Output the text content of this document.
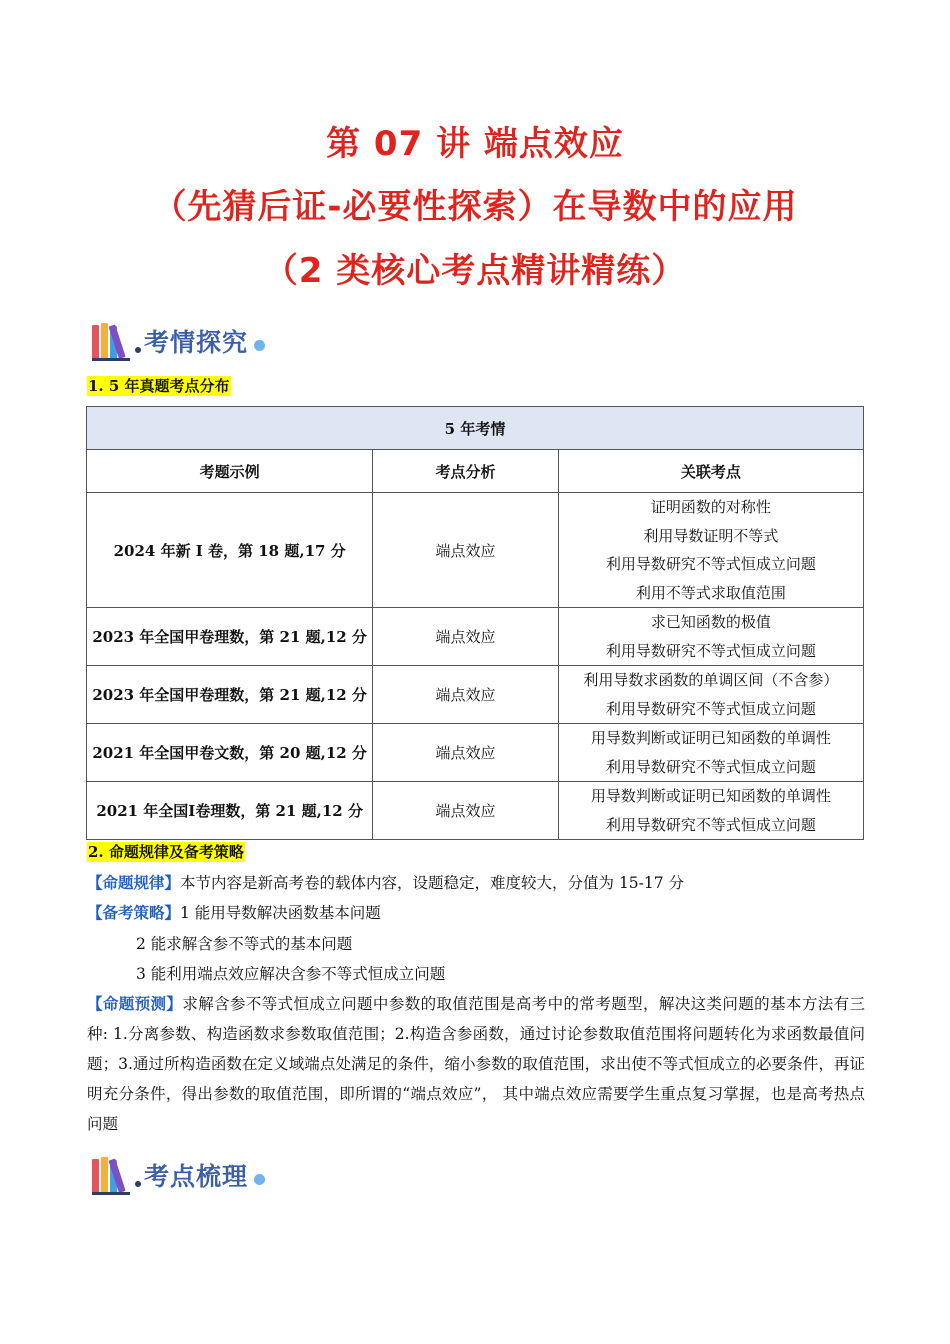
第 07 讲 端点效应
（先猜后证-必要性探索）在导数中的应用
（2 类核心考点精讲精练）
考情探究
1. 5 年真题考点分布
5 年考情		
考题示例	考点分析	关联考点
2024 年新 I 卷，第 18 题,17 分	端点效应	证明函数的对称性
利用导数证明不等式
利用导数研究不等式恒成立问题
利用不等式求取值范围

2023 年全国甲卷理数，第 21 题,12 分	端点效应	求已知函数的极值
利用导数研究不等式恒成立问题

2023 年全国甲卷理数，第 21 题,12 分	端点效应	利用导数求函数的单调区间（不含参）
利用导数研究不等式恒成立问题

2021 年全国甲卷文数，第 20 题,12 分	端点效应	用导数判断或证明已知函数的单调性
利用导数研究不等式恒成立问题

2021 年全国Ⅰ卷理数，第 21 题,12 分	端点效应	用导数判断或证明已知函数的单调性
利用导数研究不等式恒成立问题
2. 命题规律及备考策略
【命题规律】本节内容是新高考卷的载体内容，设题稳定，难度较大，分值为 15-17 分
【备考策略】1 能用导数解决函数基本问题
2 能求解含参不等式的基本问题
3 能利用端点效应解决含参不等式恒成立问题
【命题预测】求解含参不等式恒成立问题中参数的取值范围是高考中的常考题型，解决这类问题的基本方法有三种: 1.分离参数、构造函数求参数取值范围；2.构造含参函数，通过讨论参数取值范围将问题转化为求函数最值问题；3.通过所构造函数在定义域端点处满足的条件，缩小参数的取值范围，求出使不等式恒成立的必要条件，再证明充分条件，得出参数的取值范围，即所谓的“端点效应”， 其中端点效应需要学生重点复习掌握，也是高考热点问题
考点梳理
